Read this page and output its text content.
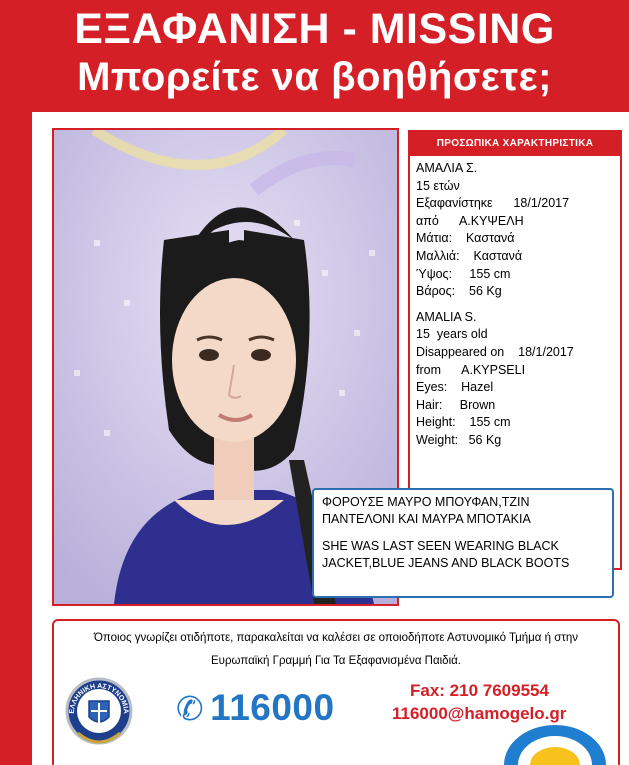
ΕΞΑΦΑΝΙΣΗ - MISSING
Μπορείτε να βοηθήσετε;
ΠΡΟΣΩΠΙΚΑ ΧΑΡΑΚΤΗΡΙΣΤΙΚΑ
ΑΜΑΛΙΑ Σ.
15 ετών
Εξαφανίστηκε      18/1/2017
από      Α.ΚΥΨΕΛΗ
Μάτια:    Καστανά
Μαλλιά:    Καστανά
Ύψος:     155 cm
Βάρος:    56 Kg
AMALIA S.
15  years old
Disappeared on    18/1/2017
from      A.KYPSELI
Eyes:    Hazel
Hair:     Brown
Height:    155 cm
Weight:   56 Kg
ΦΟΡΟΥΣΕ ΜΑΥΡΟ ΜΠΟΥΦΑΝ,ΤΖΙΝ
ΠΑΝΤΕΛΟΝΙ ΚΑΙ ΜΑΥΡΑ ΜΠΟΤΑΚΙΑ
SHE WAS LAST SEEN WEARING BLACK
JACKET,BLUE JEANS AND BLACK BOOTS
Όποιος γνωρίζει οτιδήποτε, παρακαλείται να καλέσει σε οποιοδήποτε Αστυνομικό Τμήμα ή στην
Ευρωπαϊκή Γραμμή Για Τα Εξαφανισμένα Παιδιά.
ΕΛΛΗΝΙΚΗ ΑΣΤΥΝΟΜΙΑ ✆ 116000	Fax: 210 7609554
116000@hamogelo.gr
